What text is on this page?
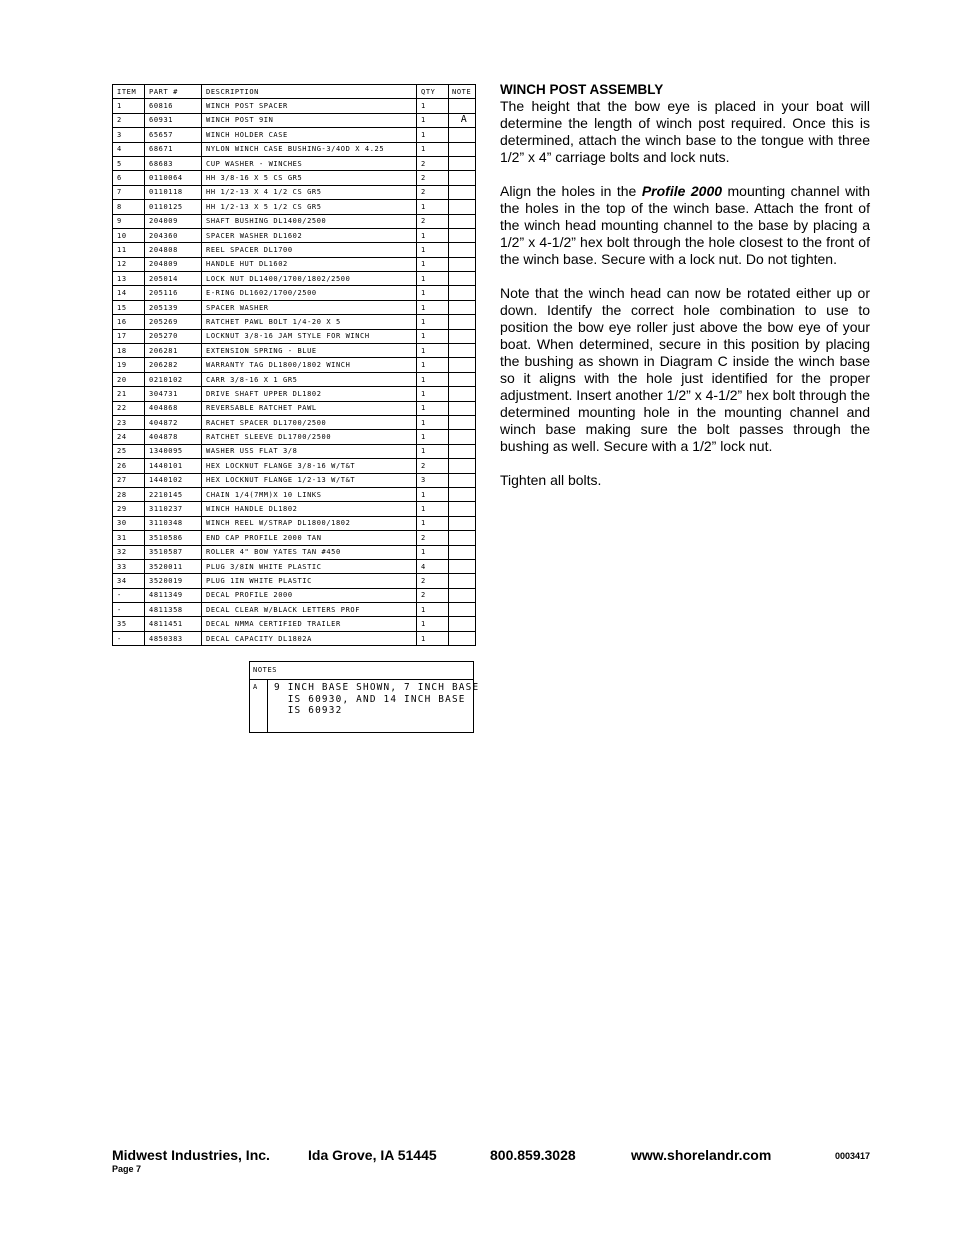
ITEM	PART #	DESCRIPTION	QTY	NOTE
1	60816	WINCH POST SPACER	1	
2	60931	WINCH POST 9IN	1	A
3	65657	WINCH HOLDER CASE	1	
4	68671	NYLON WINCH CASE BUSHING-3/4OD X 4.25	1	
5	68683	CUP WASHER - WINCHES	2	
6	0110064	HH 3/8-16 X 5 CS GR5	2	
7	0110118	HH 1/2-13 X 4 1/2 CS GR5	2	
8	0110125	HH 1/2-13 X 5 1/2 CS GR5	1	
9	204009	SHAFT BUSHING DL1400/2500	2	
10	204360	SPACER WASHER DL1602	1	
11	204808	REEL SPACER DL1700	1	
12	204809	HANDLE HUT DL1602	1	
13	205014	LOCK NUT DL1400/1700/1802/2500	1	
14	205116	E-RING DL1602/1700/2500	1	
15	205139	SPACER WASHER	1	
16	205269	RATCHET PAWL BOLT 1/4-20 X 5	1	
17	205270	LOCKNUT 3/8-16 JAM STYLE FOR WINCH	1	
18	206281	EXTENSION SPRING - BLUE	1	
19	206282	WARRANTY TAG DL1800/1802 WINCH	1	
20	0210102	CARR 3/8-16 X 1 GR5	1	
21	304731	DRIVE SHAFT UPPER DL1802	1	
22	404868	REVERSABLE RATCHET PAWL	1	
23	404872	RACHET SPACER DL1700/2500	1	
24	404878	RATCHET SLEEVE DL1700/2500	1	
25	1340095	WASHER USS FLAT 3/8	1	
26	1440101	HEX LOCKNUT FLANGE 3/8-16 W/T&T	2	
27	1440102	HEX LOCKNUT FLANGE 1/2-13 W/T&T	3	
28	2210145	CHAIN 1/4(7MM)X 10 LINKS	1	
29	3110237	WINCH HANDLE DL1802	1	
30	3110348	WINCH REEL W/STRAP DL1800/1802	1	
31	3510586	END CAP PROFILE 2000 TAN	2	
32	3510587	ROLLER 4" BOW YATES TAN #450	1	
33	3520011	PLUG 3/8IN WHITE PLASTIC	4	
34	3520019	PLUG 1IN WHITE PLASTIC	2	
-	4811349	DECAL PROFILE 2000	2	
-	4811358	DECAL CLEAR W/BLACK LETTERS PROF	1	
35	4811451	DECAL NMMA CERTIFIED TRAILER	1	
-	4850383	DECAL CAPACITY DL1802A	1	
NOTES
A	9 INCH BASE SHOWN, 7 INCH BASE
IS 60930, AND 14 INCH BASE
IS 60932
WINCH POST ASSEMBLY

The height that the bow eye is placed in your boat will determine the length of winch post required. Once this is determined, attach the winch base to the tongue with three 1/2” x 4” carriage bolts and lock nuts.

Align the holes in the Profile 2000 mounting channel with the holes in the top of the winch base. Attach the front of the winch head mounting channel to the base by placing a 1/2” x 4-1/2” hex bolt through the hole closest to the front of the winch base. Secure with a lock nut. Do not tighten.

Note that the winch head can now be rotated either up or down. Identify the correct hole combination to use to position the bow eye roller just above the bow eye of your boat. When determined, secure in this position by placing the bushing as shown in Diagram C inside the winch base so it aligns with the hole just identified for the proper adjustment. Insert another 1/2” x 4-1/2” hex bolt through the determined mounting hole in the mounting channel and winch base making sure the bolt passes through the bushing as well. Secure with a 1/2” lock nut.

Tighten all bolts.

Midwest Industries, Inc.	Ida Grove, IA 51445	800.859.3028	www.shorelandr.com	0003417
Page 7
